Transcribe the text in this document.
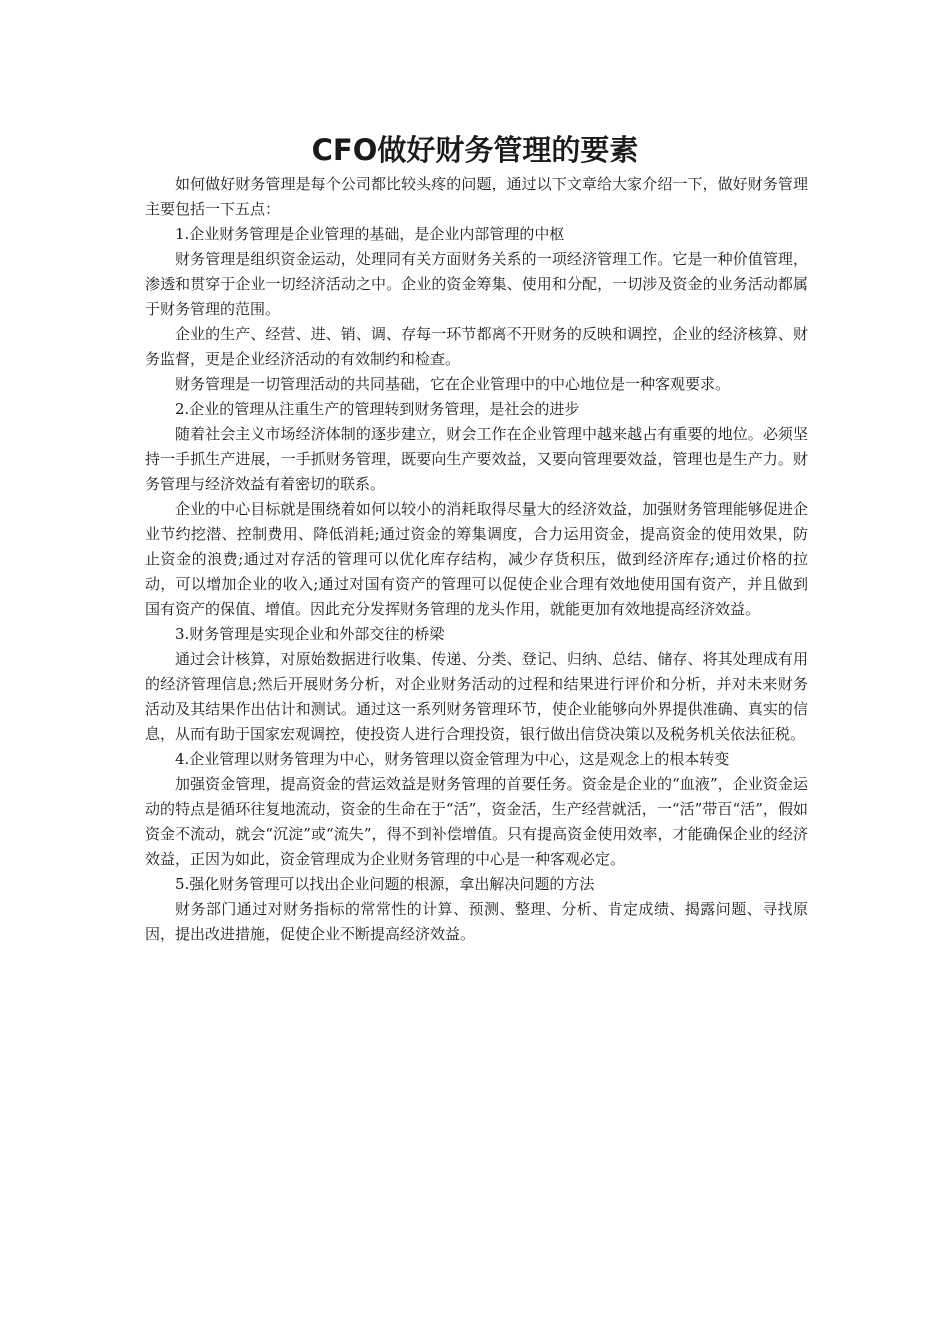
CFO做好财务管理的要素

如何做好财务管理是每个公司都比较头疼的问题，通过以下文章给大家介绍一下，做好财务管理主要包括一下五点：

1.企业财务管理是企业管理的基础，是企业内部管理的中枢

财务管理是组织资金运动，处理同有关方面财务关系的一项经济管理工作。它是一种价值管理，渗透和贯穿于企业一切经济活动之中。企业的资金筹集、使用和分配，一切涉及资金的业务活动都属于财务管理的范围。

企业的生产、经营、进、销、调、存每一环节都离不开财务的反映和调控，企业的经济核算、财务监督，更是企业经济活动的有效制约和检查。

财务管理是一切管理活动的共同基础，它在企业管理中的中心地位是一种客观要求。

2.企业的管理从注重生产的管理转到财务管理，是社会的进步

随着社会主义市场经济体制的逐步建立，财会工作在企业管理中越来越占有重要的地位。必须坚持一手抓生产进展，一手抓财务管理，既要向生产要效益，又要向管理要效益，管理也是生产力。财务管理与经济效益有着密切的联系。

企业的中心目标就是围绕着如何以较小的消耗取得尽量大的经济效益，加强财务管理能够促进企业节约挖潜、控制费用、降低消耗;通过资金的筹集调度，合力运用资金，提高资金的使用效果，防止资金的浪费;通过对存活的管理可以优化库存结构，减少存货积压，做到经济库存;通过价格的拉动，可以增加企业的收入;通过对国有资产的管理可以促使企业合理有效地使用国有资产，并且做到国有资产的保值、增值。因此充分发挥财务管理的龙头作用，就能更加有效地提高经济效益。

3.财务管理是实现企业和外部交往的桥梁

通过会计核算，对原始数据进行收集、传递、分类、登记、归纳、总结、储存、将其处理成有用的经济管理信息;然后开展财务分析，对企业财务活动的过程和结果进行评价和分析，并对未来财务活动及其结果作出估计和测试。通过这一系列财务管理环节，使企业能够向外界提供准确、真实的信息，从而有助于国家宏观调控，使投资人进行合理投资，银行做出信贷决策以及税务机关依法征税。

4.企业管理以财务管理为中心，财务管理以资金管理为中心，这是观念上的根本转变

加强资金管理，提高资金的营运效益是财务管理的首要任务。资金是企业的“血液”，企业资金运动的特点是循环往复地流动，资金的生命在于“活”，资金活，生产经营就活，一“活”带百“活”，假如资金不流动，就会“沉淀”或“流失”，得不到补偿增值。只有提高资金使用效率，才能确保企业的经济效益，正因为如此，资金管理成为企业财务管理的中心是一种客观必定。

5.强化财务管理可以找出企业问题的根源，拿出解决问题的方法

财务部门通过对财务指标的常常性的计算、预测、整理、分析、肯定成绩、揭露问题、寻找原因，提出改进措施，促使企业不断提高经济效益。
